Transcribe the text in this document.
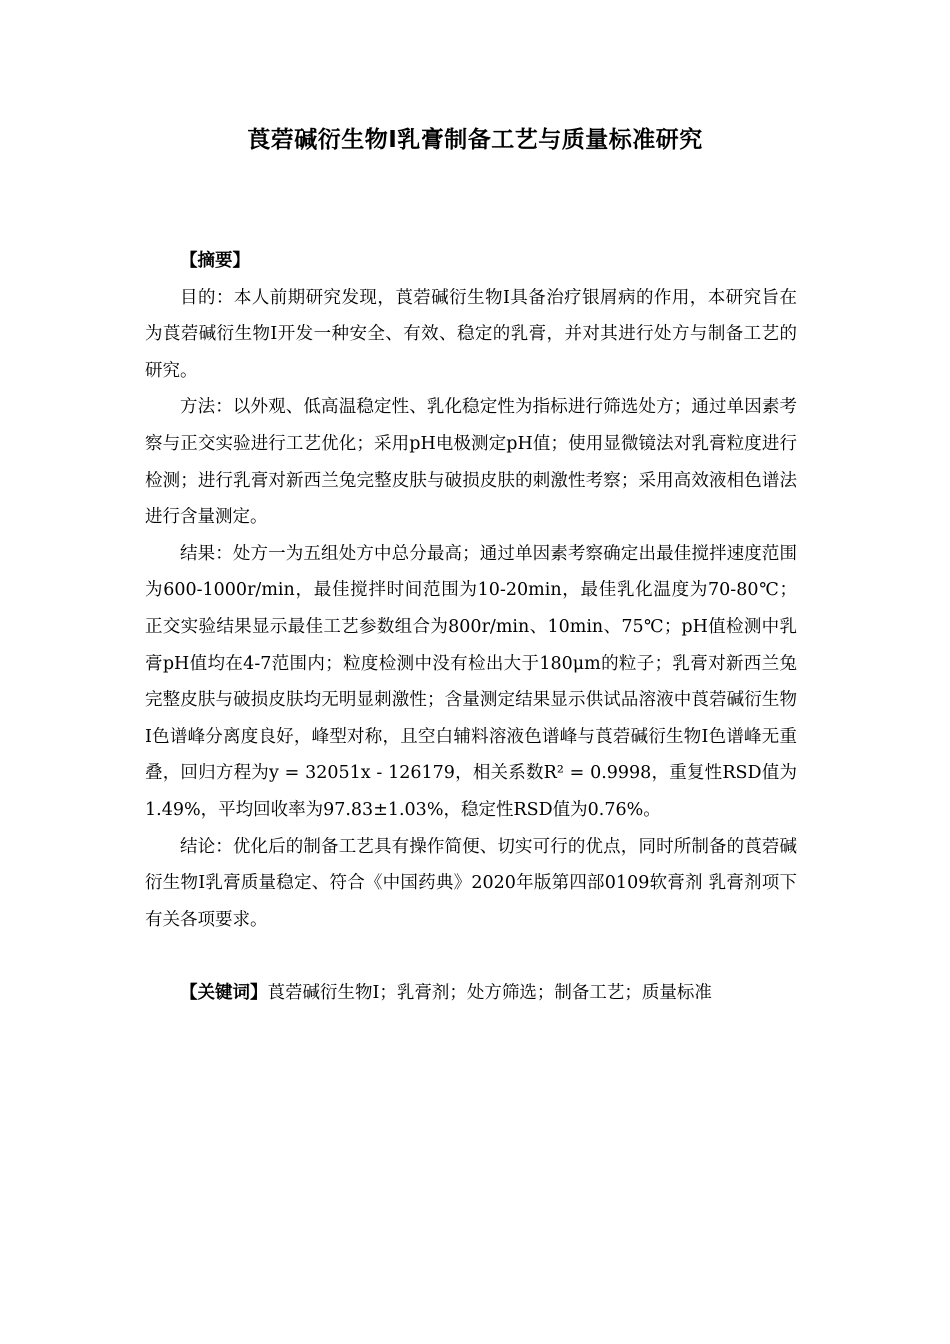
莨菪碱衍生物Ⅰ乳膏制备工艺与质量标准研究

【摘要】

目的：本人前期研究发现，莨菪碱衍生物Ⅰ具备治疗银屑病的作用，本研究旨在为莨菪碱衍生物I开发一种安全、有效、稳定的乳膏，并对其进行处方与制备工艺的研究。

方法：以外观、低高温稳定性、乳化稳定性为指标进行筛选处方；通过单因素考察与正交实验进行工艺优化；采用pH电极测定pH值；使用显微镜法对乳膏粒度进行检测；进行乳膏对新西兰兔完整皮肤与破损皮肤的刺激性考察；采用高效液相色谱法进行含量测定。

结果：处方一为五组处方中总分最高；通过单因素考察确定出最佳搅拌速度范围为600-1000r/min，最佳搅拌时间范围为10-20min，最佳乳化温度为70-80℃；正交实验结果显示最佳工艺参数组合为800r/min、10min、75℃；pH值检测中乳膏pH值均在4-7范围内；粒度检测中没有检出大于180μm的粒子；乳膏对新西兰兔完整皮肤与破损皮肤均无明显刺激性；含量测定结果显示供试品溶液中莨菪碱衍生物I色谱峰分离度良好，峰型对称，且空白辅料溶液色谱峰与莨菪碱衍生物I色谱峰无重叠，回归方程为y = 32051x - 126179，相关系数R² = 0.9998，重复性RSD值为1.49%，平均回收率为97.83±1.03%，稳定性RSD值为0.76%。

结论：优化后的制备工艺具有操作简便、切实可行的优点，同时所制备的莨菪碱衍生物I乳膏质量稳定、符合《中国药典》2020年版第四部0109软膏剂 乳膏剂项下有关各项要求。

【关键词】莨菪碱衍生物I；乳膏剂；处方筛选；制备工艺；质量标准
